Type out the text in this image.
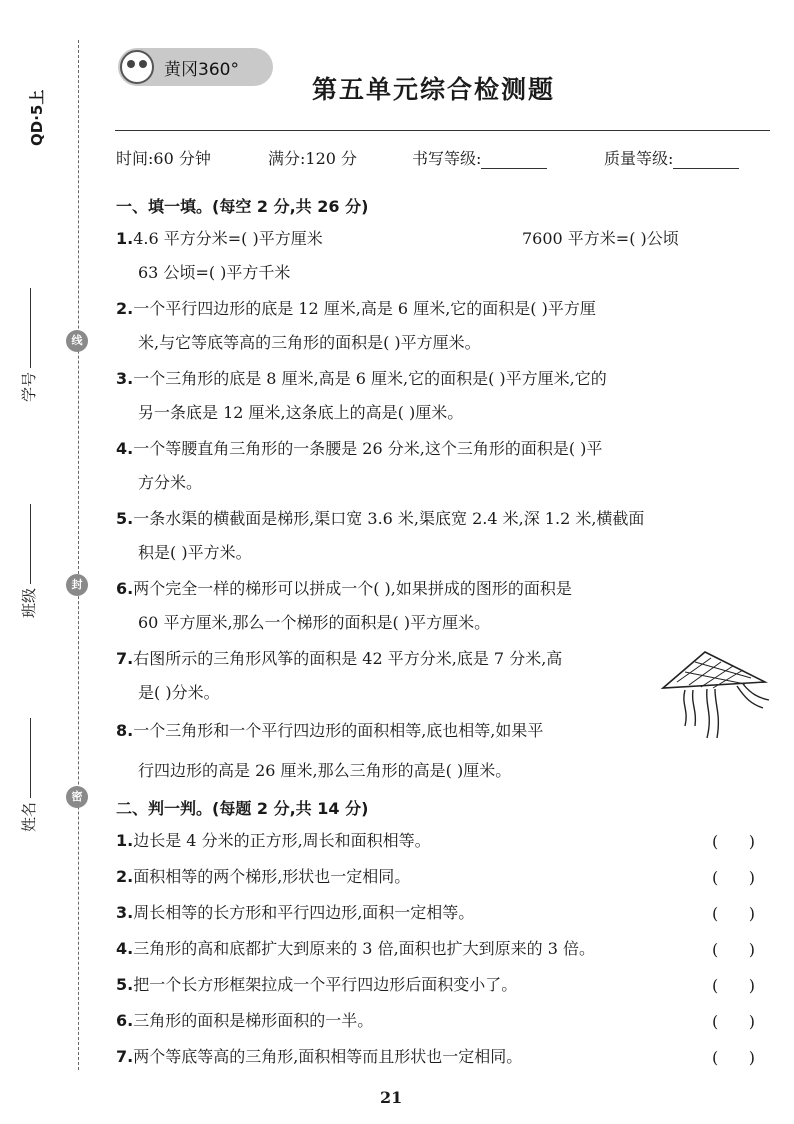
QD·5上
学号
班级
姓名
线
封
密
黄冈360°
第五单元综合检测题
时间:60 分钟	满分:120 分	书写等级:	质量等级:
一、填一填。(每空 2 分,共 26 分)
1.4.6 平方分米=( )平方厘米	7600 平方米=( )公顷
63 公顷=( )平方千米
2.一个平行四边形的底是 12 厘米,高是 6 厘米,它的面积是( )平方厘
米,与它等底等高的三角形的面积是( )平方厘米。
3.一个三角形的底是 8 厘米,高是 6 厘米,它的面积是( )平方厘米,它的
另一条底是 12 厘米,这条底上的高是( )厘米。
4.一个等腰直角三角形的一条腰是 26 分米,这个三角形的面积是( )平
方分米。
5.一条水渠的横截面是梯形,渠口宽 3.6 米,渠底宽 2.4 米,深 1.2 米,横截面
积是( )平方米。
6.两个完全一样的梯形可以拼成一个( ),如果拼成的图形的面积是
60 平方厘米,那么一个梯形的面积是( )平方厘米。
7.右图所示的三角形风筝的面积是 42 平方分米,底是 7 分米,高
是( )分米。
8.一个三角形和一个平行四边形的面积相等,底也相等,如果平
行四边形的高是 26 厘米,那么三角形的高是( )厘米。
二、判一判。(每题 2 分,共 14 分)
1.边长是 4 分米的正方形,周长和面积相等。	(      )
2.面积相等的两个梯形,形状也一定相同。	(      )
3.周长相等的长方形和平行四边形,面积一定相等。	(      )
4.三角形的高和底都扩大到原来的 3 倍,面积也扩大到原来的 3 倍。	(      )
5.把一个长方形框架拉成一个平行四边形后面积变小了。	(      )
6.三角形的面积是梯形面积的一半。	(      )
7.两个等底等高的三角形,面积相等而且形状也一定相同。	(      )
21
